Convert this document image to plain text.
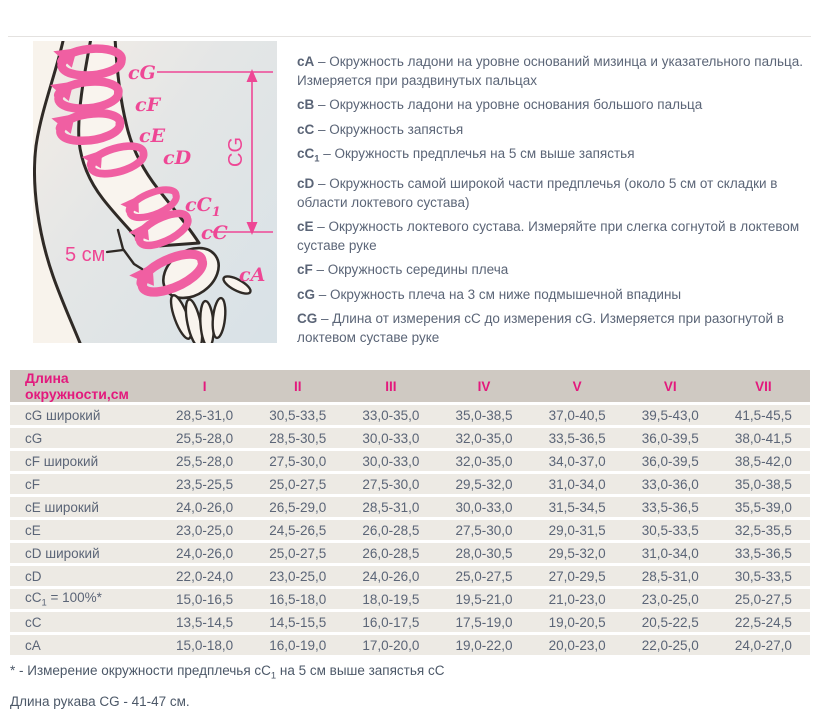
cG
cF
cE
cD
$cC_1$
cC
cA
CG
5 см

cA – Окружность ладони на уровне оснований мизинца и указательного пальца. Измеряется при раздвинутых пальцах

cB – Окружность ладони на уровне основания большого пальца

cC – Окружность запястья

$cC_1$ – Окружность предплечья на 5 см выше запястья

cD – Окружность самой широкой части предплечья (около 5 см от складки в области локтевого сустава)

cE – Окружность локтевого сустава. Измеряйте при слегка согнутой в локтевом суставе руке

cF – Окружность середины плеча

cG – Окружность плеча на 3 см ниже подмышечной впадины

CG – Длина от измерения cC до измерения cG. Измеряется при разогнутой в локтевом суставе руке

Длина окружности,см	I	II	III	IV	V	VI	VII
cG широкий	28,5-31,0	30,5-33,5	33,0-35,0	35,0-38,5	37,0-40,5	39,5-43,0	41,5-45,5
cG	25,5-28,0	28,5-30,5	30,0-33,0	32,0-35,0	33,5-36,5	36,0-39,5	38,0-41,5
cF широкий	25,5-28,0	27,5-30,0	30,0-33,0	32,0-35,0	34,0-37,0	36,0-39,5	38,5-42,0
cF	23,5-25,5	25,0-27,5	27,5-30,0	29,5-32,0	31,0-34,0	33,0-36,0	35,0-38,5
cE широкий	24,0-26,0	26,5-29,0	28,5-31,0	30,0-33,0	31,5-34,5	33,5-36,5	35,5-39,0
cE	23,0-25,0	24,5-26,5	26,0-28,5	27,5-30,0	29,0-31,5	30,5-33,5	32,5-35,5
cD широкий	24,0-26,0	25,0-27,5	26,0-28,5	28,0-30,5	29,5-32,0	31,0-34,0	33,5-36,5
cD	22,0-24,0	23,0-25,0	24,0-26,0	25,0-27,5	27,0-29,5	28,5-31,0	30,5-33,5
$cC_1 = 100\%*$	15,0-16,5	16,5-18,0	18,0-19,5	19,5-21,0	21,0-23,0	23,0-25,0	25,0-27,5
cC	13,5-14,5	14,5-15,5	16,0-17,5	17,5-19,0	19,0-20,5	20,5-22,5	22,5-24,5
cA	15,0-18,0	16,0-19,0	17,0-20,0	19,0-22,0	20,0-23,0	22,0-25,0	24,0-27,0

* - Измерение окружности предплечья $cC_1$ на 5 см выше запястья cC

Длина рукава CG - 41-47 см.
